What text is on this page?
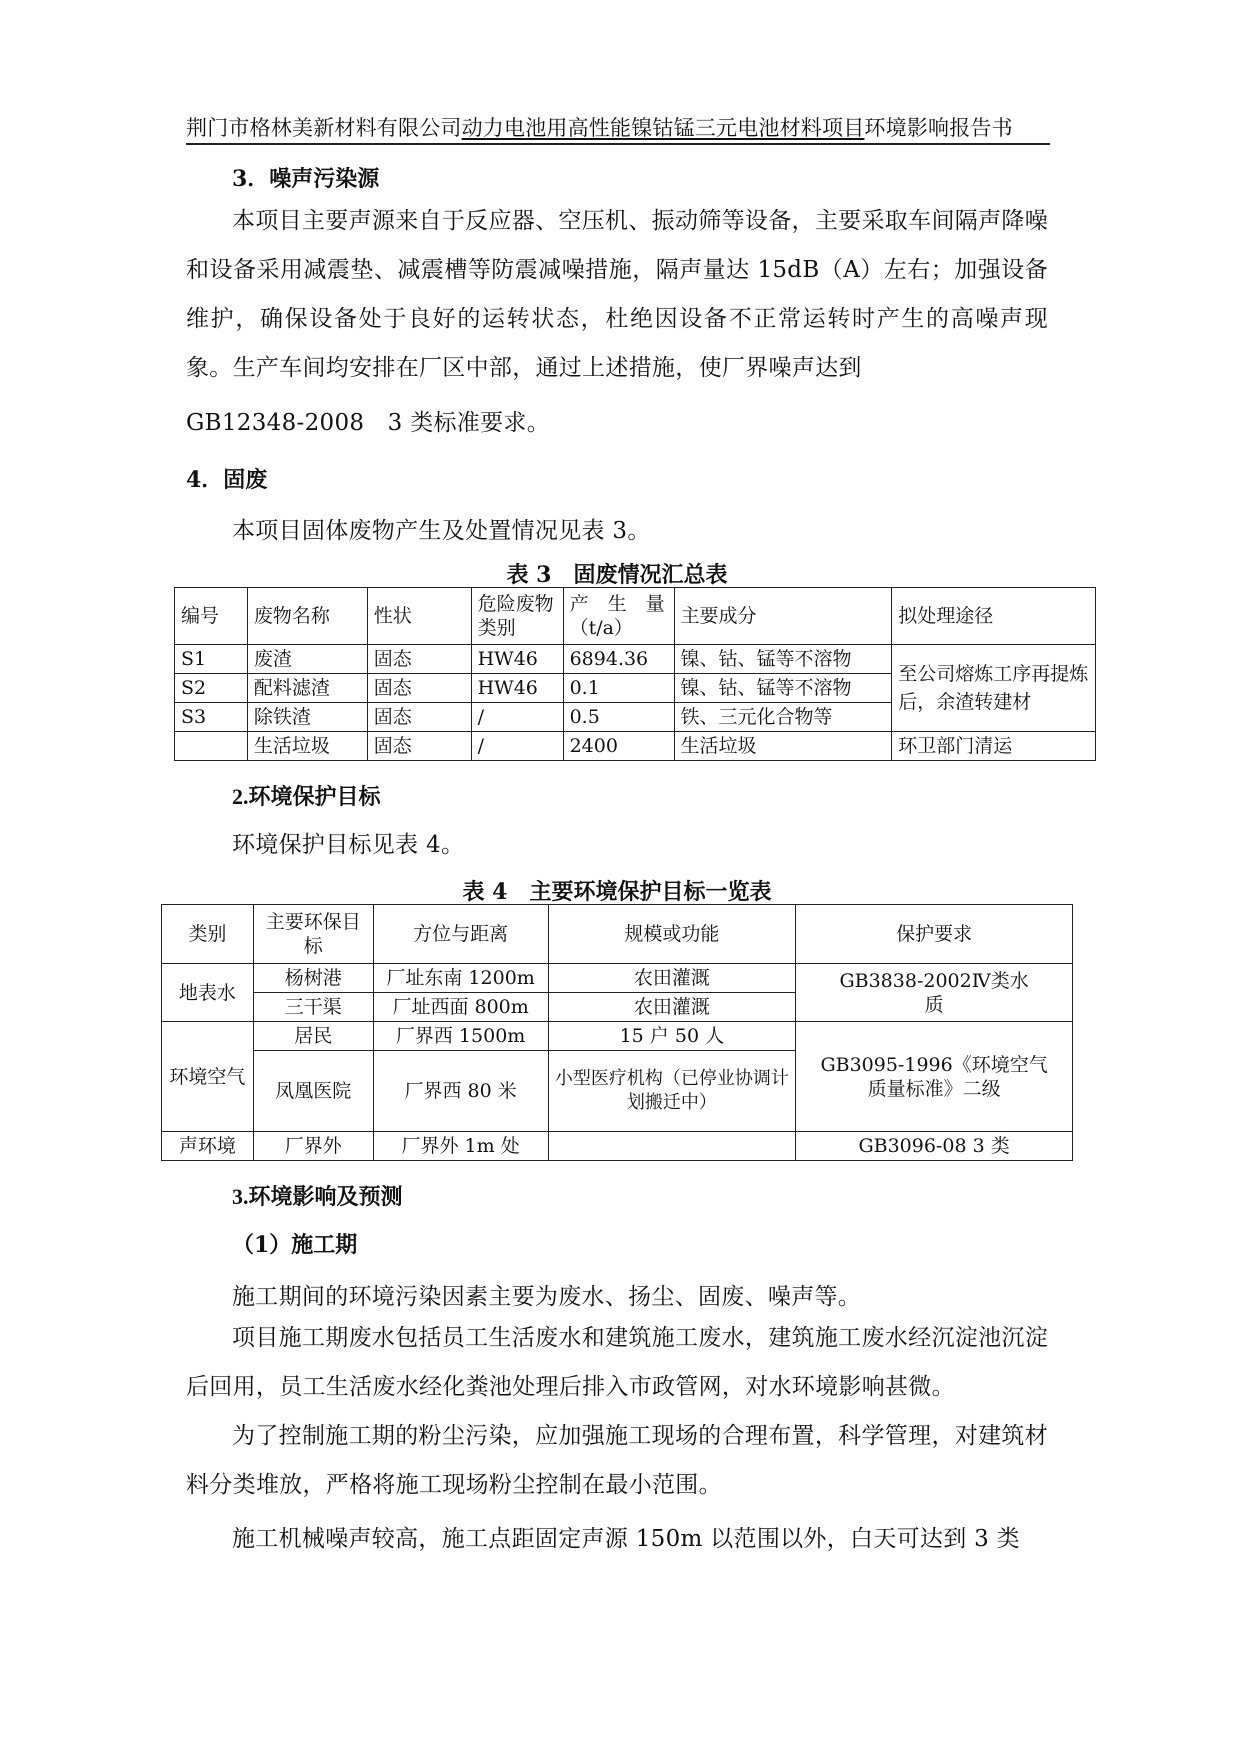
荆门市格林美新材料有限公司动力电池用高性能镍钴锰三元电池材料项目环境影响报告书
3．噪声污染源
本项目主要声源来自于反应器、空压机、振动筛等设备，主要采取车间隔声降噪和设备采用减震垫、减震槽等防震减噪措施，隔声量达 15dB（A）左右；加强设备维护，确保设备处于良好的运转状态，杜绝因设备不正常运转时产生的高噪声现象。生产车间均安排在厂区中部，通过上述措施，使厂界噪声达到
GB12348-2008　3 类标准要求。
4．固废
本项目固体废物产生及处置情况见表 3。
表 3　固废情况汇总表
编号	废物名称	性状	危险废物类别	产　生　量（t/a）	主要成分	拟处理途径
S1	废渣	固态	HW46	6894.36	镍、钴、锰等不溶物	至公司熔炼工序再提炼后，余渣转建材
S2	配料滤渣	固态	HW46	0.1	镍、钴、锰等不溶物	
S3	除铁渣	固态	/	0.5	铁、三元化合物等	
	生活垃圾	固态	/	2400	生活垃圾	环卫部门清运
2.环境保护目标
环境保护目标见表 4。
表 4　主要环境保护目标一览表
类别	主要环保目标	方位与距离	规模或功能	保护要求
地表水	杨树港	厂址东南 1200m	农田灌溉	GB3838-2002Ⅳ类水质
	三干渠	厂址西面 800m	农田灌溉	
环境空气	居民	厂界西 1500m	15 户 50 人	GB3095-1996《环境空气质量标准》二级
	凤凰医院	厂界西 80 米	小型医疗机构（已停业协调计划搬迁中）	
声环境	厂界外	厂界外 1m 处		GB3096-08 3 类
3.环境影响及预测
（1）施工期
施工期间的环境污染因素主要为废水、扬尘、固废、噪声等。
项目施工期废水包括员工生活废水和建筑施工废水，建筑施工废水经沉淀池沉淀后回用，员工生活废水经化粪池处理后排入市政管网，对水环境影响甚微。
为了控制施工期的粉尘污染，应加强施工现场的合理布置，科学管理，对建筑材料分类堆放，严格将施工现场粉尘控制在最小范围。
施工机械噪声较高，施工点距固定声源 150m 以范围以外，白天可达到 3 类
